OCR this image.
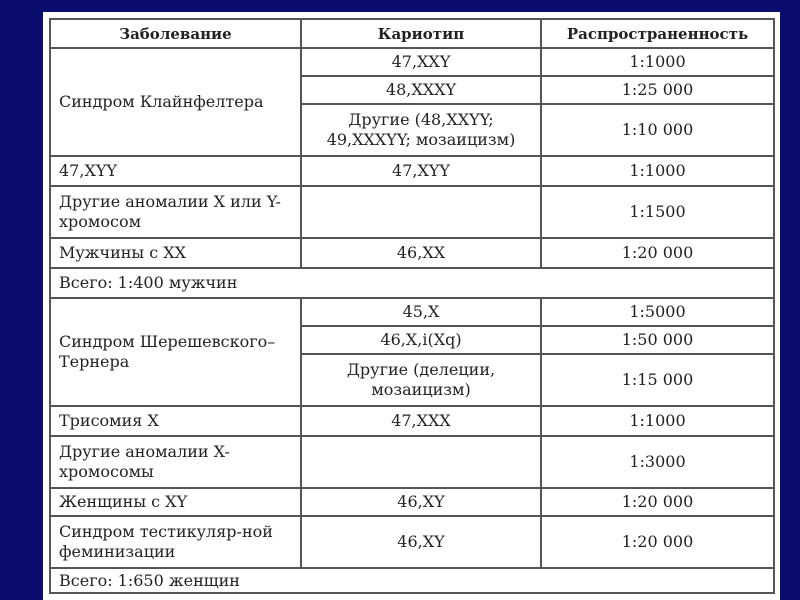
Заболевание	Кариотип	Распространенность
Синдром Клайнфелтера	47,XXY	1:1000
	48,XXXY	1:25 000
	Другие (48,XXYY; 49,XXXYY; мозаицизм)	1:10 000
47,XYY	47,XYY	1:1000
Другие аномалии X или Y-хромосом		1:1500
Мужчины с XX	46,XX	1:20 000
Всего: 1:400 мужчин		
Синдром Шерешевского–Тернера	45,X	1:5000
	46,X,i(Xq)	1:50 000
	Другие (делеции, мозаицизм)	1:15 000
Трисомия X	47,XXX	1:1000
Другие аномалии X-хромосомы		1:3000
Женщины с XY	46,XY	1:20 000
Синдром тестикуляр-ной феминизации	46,XY	1:20 000
Всего: 1:650 женщин		
